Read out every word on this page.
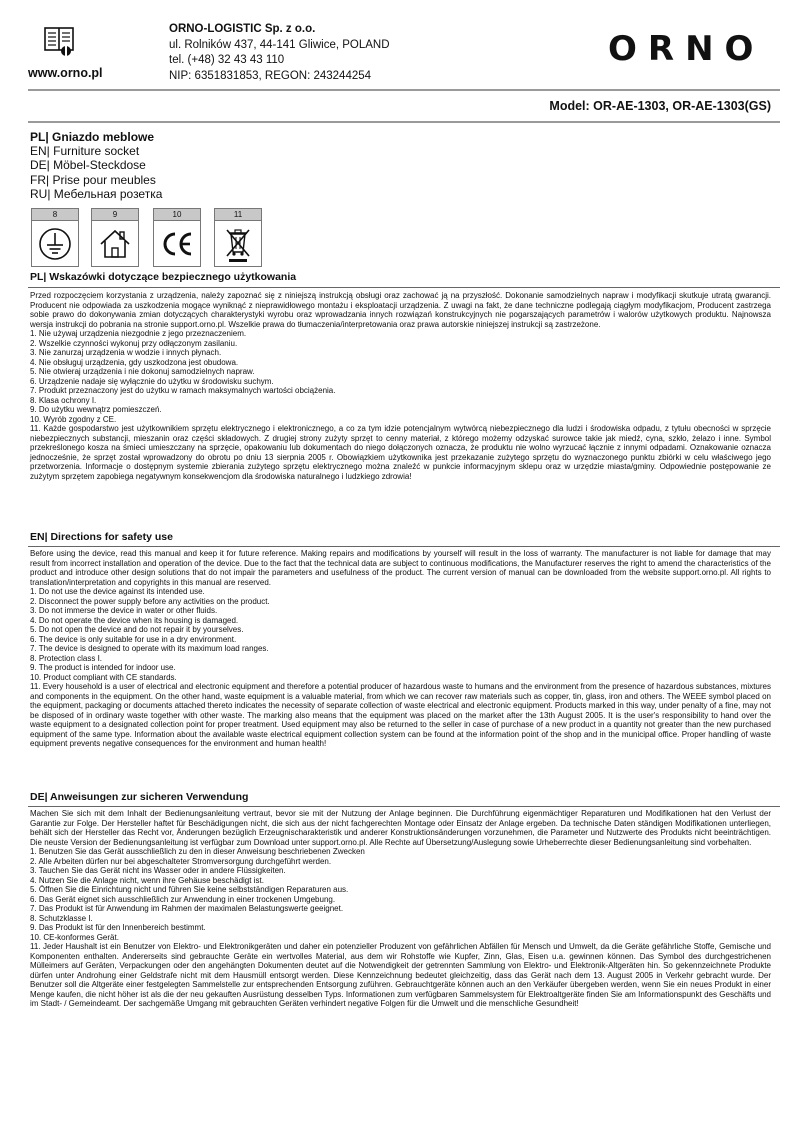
www.orno.pl
ORNO-LOGISTIC Sp. z o.o.
ul. Rolników 437, 44-141 Gliwice, POLAND
tel. (+48) 32 43 43 110
NIP: 6351831853, REGON: 243244254
ORNO
Model: OR-AE-1303, OR-AE-1303(GS)
PL| Gniazdo meblowe
EN| Furniture socket
DE| Möbel-Steckdose
FR| Prise pour meubles
RU| Мебельная розетка
8	9	10	11
PL| Wskazówki dotyczące bezpiecznego użytkowania

Przed rozpoczęciem korzystania z urządzenia, należy zapoznać się z niniejszą instrukcją obsługi oraz zachować ją na przyszłość. Dokonanie samodzielnych napraw i modyfikacji skutkuje utratą gwarancji. Producent nie odpowiada za uszkodzenia mogące wyniknąć z nieprawidłowego montażu i eksploatacji urządzenia. Z uwagi na fakt, że dane techniczne podlegają ciągłym modyfikacjom, Producent zastrzega sobie prawo do dokonywania zmian dotyczących charakterystyki wyrobu oraz wprowadzania innych rozwiązań konstrukcyjnych nie pogarszających parametrów i walorów użytkowych produktu. Najnowsza wersja instrukcji do pobrania na stronie support.orno.pl. Wszelkie prawa do tłumaczenia/interpretowania oraz prawa autorskie niniejszej instrukcji są zastrzeżone.

1. Nie używaj urządzenia niezgodnie z jego przeznaczeniem.
2. Wszelkie czynności wykonuj przy odłączonym zasilaniu.
3. Nie zanurzaj urządzenia w wodzie i innych płynach.
4. Nie obsługuj urządzenia, gdy uszkodzona jest obudowa.
5. Nie otwieraj urządzenia i nie dokonuj samodzielnych napraw.
6. Urządzenie nadaje się wyłącznie do użytku w środowisku suchym.
7. Produkt przeznaczony jest do użytku w ramach maksymalnych wartości obciążenia.
8. Klasa ochrony I.
9. Do użytku wewnątrz pomieszczeń.
10. Wyrób zgodny z CE.
11. Każde gospodarstwo jest użytkownikiem sprzętu elektrycznego i elektronicznego, a co za tym idzie potencjalnym wytwórcą niebezpiecznego dla ludzi i środowiska odpadu, z tytułu obecności w sprzęcie niebezpiecznych substancji, mieszanin oraz części składowych. Z drugiej strony zużyty sprzęt to cenny materiał, z którego możemy odzyskać surowce takie jak miedź, cyna, szkło, żelazo i inne. Symbol przekreślonego kosza na śmieci umieszczany na sprzęcie, opakowaniu lub dokumentach do niego dołączonych oznacza, że produktu nie wolno wyrzucać łącznie z innymi odpadami. Oznakowanie oznacza jednocześnie, że sprzęt został wprowadzony do obrotu po dniu 13 sierpnia 2005 r. Obowiązkiem użytkownika jest przekazanie zużytego sprzętu do wyznaczonego punktu zbiórki w celu właściwego jego przetworzenia. Informacje o dostępnym systemie zbierania zużytego sprzętu elektrycznego można znaleźć w punkcie informacyjnym sklepu oraz w urzędzie miasta/gminy. Odpowiednie postępowanie ze zużytym sprzętem zapobiega negatywnym konsekwencjom dla środowiska naturalnego i ludzkiego zdrowia!
EN| Directions for safety use

Before using the device, read this manual and keep it for future reference. Making repairs and modifications by yourself will result in the loss of warranty. The manufacturer is not liable for damage that may result from incorrect installation and operation of the device. Due to the fact that the technical data are subject to continuous modifications, the Manufacturer reserves the right to amend the characteristics of the product and introduce other design solutions that do not impair the parameters and usefulness of the product. The current version of manual can be downloaded from the website support.orno.pl. All rights to translation/interpretation and copyrights in this manual are reserved.

1. Do not use the device against its intended use.
2. Disconnect the power supply before any activities on the product.
3. Do not immerse the device in water or other fluids.
4. Do not operate the device when its housing is damaged.
5. Do not open the device and do not repair it by yourselves.
6. The device is only suitable for use in a dry environment.
7. The device is designed to operate with its maximum load ranges.
8. Protection class I.
9. The product is intended for indoor use.
10. Product compliant with CE standards.
11. Every household is a user of electrical and electronic equipment and therefore a potential producer of hazardous waste to humans and the environment from the presence of hazardous substances, mixtures and components in the equipment. On the other hand, waste equipment is a valuable material, from which we can recover raw materials such as copper, tin, glass, iron and others. The WEEE symbol placed on the equipment, packaging or documents attached thereto indicates the necessity of separate collection of waste electrical and electronic equipment. Products marked in this way, under penalty of a fine, may not be disposed of in ordinary waste together with other waste. The marking also means that the equipment was placed on the market after the 13th August 2005. It is the user's responsibility to hand over the waste equipment to a designated collection point for proper treatment. Used equipment may also be returned to the seller in case of purchase of a new product in a quantity not greater than the new purchased equipment of the same type. Information about the available waste electrical equipment collection system can be found at the information point of the shop and in the municipal office. Proper handling of waste equipment prevents negative consequences for the environment and human health!
DE| Anweisungen zur sicheren Verwendung

Machen Sie sich mit dem Inhalt der Bedienungsanleitung vertraut, bevor sie mit der Nutzung der Anlage beginnen. Die Durchführung eigenmächtiger Reparaturen und Modifikationen hat den Verlust der Garantie zur Folge. Der Hersteller haftet für Beschädigungen nicht, die sich aus der nicht fachgerechten Montage oder Einsatz der Anlage ergeben. Da technische Daten ständigen Modifikationen unterliegen, behält sich der Hersteller das Recht vor, Änderungen bezüglich Erzeugnischarakteristik und anderer Konstruktionsänderungen vorzunehmen, die Parameter und Nutzwerte des Produkts nicht beeinträchtigen. Die neuste Version der Bedienungsanleitung ist verfügbar zum Download unter support.orno.pl. Alle Rechte auf Übersetzung/Auslegung sowie Urheberrechte dieser Bedienungsanleitung sind vorbehalten.

1. Benutzen Sie das Gerät ausschließlich zu den in dieser Anweisung beschriebenen Zwecken
2. Alle Arbeiten dürfen nur bei abgeschalteter Stromversorgung durchgeführt werden.
3. Tauchen Sie das Gerät nicht ins Wasser oder in andere Flüssigkeiten.
4. Nutzen Sie die Anlage nicht, wenn ihre Gehäuse beschädigt ist.
5. Öffnen Sie die Einrichtung nicht und führen Sie keine selbstständigen Reparaturen aus.
6. Das Gerät eignet sich ausschließlich zur Anwendung in einer trockenen Umgebung.
7. Das Produkt ist für Anwendung im Rahmen der maximalen Belastungswerte geeignet.
8. Schutzklasse I.
9. Das Produkt ist für den Innenbereich bestimmt.
10. CE-konformes Gerät.
11. Jeder Haushalt ist ein Benutzer von Elektro- und Elektronikgeräten und daher ein potenzieller Produzent von gefährlichen Abfällen für Mensch und Umwelt, da die Geräte gefährliche Stoffe, Gemische und Komponenten enthalten. Andererseits sind gebrauchte Geräte ein wertvolles Material, aus dem wir Rohstoffe wie Kupfer, Zinn, Glas, Eisen u.a. gewinnen können. Das Symbol des durchgestrichenen Mülleimers auf Geräten, Verpackungen oder den angehängten Dokumenten deutet auf die Notwendigkeit der getrennten Sammlung von Elektro- und Elektronik-Altgeräten hin. So gekennzeichnete Produkte dürfen unter Androhung einer Geldstrafe nicht mit dem Hausmüll entsorgt werden. Diese Kennzeichnung bedeutet gleichzeitig, dass das Gerät nach dem 13. August 2005 in Verkehr gebracht wurde. Der Benutzer soll die Altgeräte einer festgelegten Sammelstelle zur entsprechenden Entsorgung zuführen. Gebrauchtgeräte können auch an den Verkäufer übergeben werden, wenn Sie ein neues Produkt in einer Menge kaufen, die nicht höher ist als die der neu gekauften Ausrüstung desselben Typs. Informationen zum verfügbaren Sammelsystem für Elektroaltgeräte finden Sie am Informationspunkt des Geschäfts und im Stadt- / Gemeindeamt. Der sachgemäße Umgang mit gebrauchten Geräten verhindert negative Folgen für die Umwelt und die menschliche Gesundheit!
